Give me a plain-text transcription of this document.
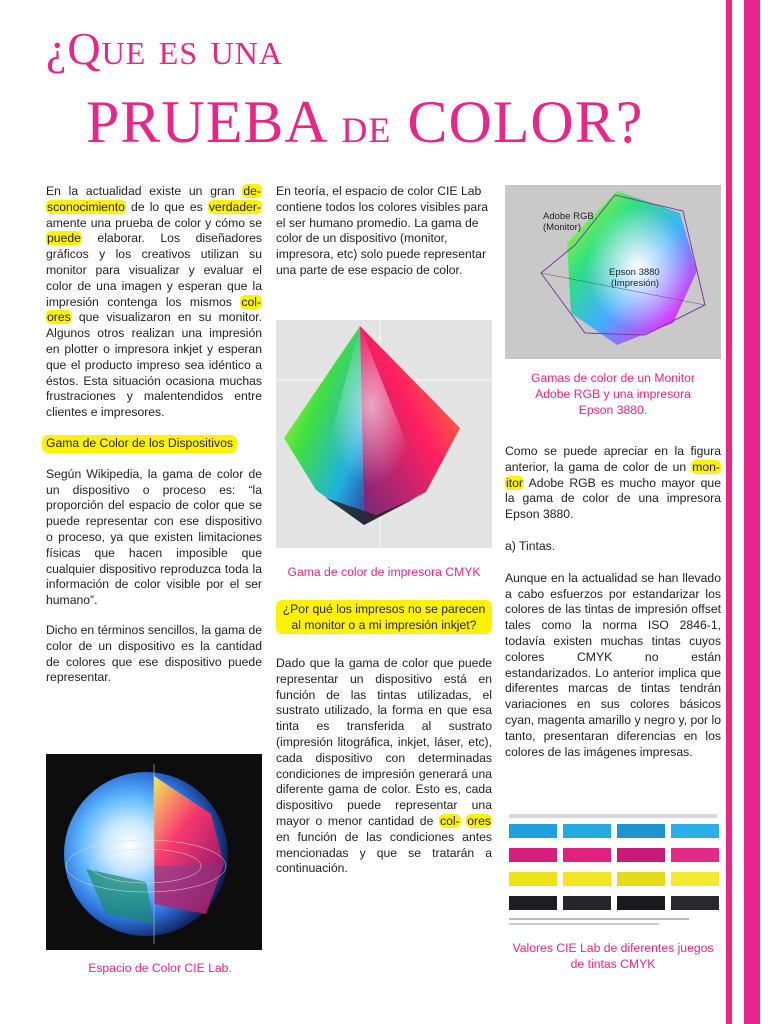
¿Que es una
PRUEBA de COLOR?

En la actualidad existe un gran de- sconocimiento de lo que es verdader- amente una prueba de color y cómo se puede elaborar. Los diseñadores gráficos y los creativos utilizan su monitor para visualizar y evaluar el color de una imagen y esperan que la impresión contenga los mismos col- ores que visualizaron en su monitor. Algunos otros realizan una impresión en plotter o impresora inkjet y esperan que el producto impreso sea idéntico a éstos. Esta situación ocasiona muchas frustraciones y malentendidos entre clientes e impresores.

Gama de Color de los Dispositivos

Según Wikipedia, la gama de color de un dispositivo o proceso es: “la proporción del espacio de color que se puede representar con ese dispositivo o proceso, ya que existen limitaciones físicas que hacen imposible que cualquier dispositivo reproduzca toda la información de color visible por el ser humano”.

Dicho en términos sencillos, la gama de color de un dispositivo es la cantidad de colores que ese dispositivo puede representar.

Espacio de Color CIE Lab.

En teoría, el espacio de color CIE Lab contiene todos los colores visibles para el ser humano promedio. La gama de color de un dispositivo (monitor, impresora, etc) solo puede representar una parte de ese espacio de color.

Gama de color de impresora CMYK
¿Por qué los impresos no se parecen al monitor o a mi impresión inkjet?

Dado que la gama de color que puede representar un dispositivo está en función de las tintas utilizadas, el sustrato utilizado, la forma en que esa tinta es transferida al sustrato (impresión litográfica, inkjet, láser, etc), cada dispositivo con determinadas condiciones de impresión generará una diferente gama de color. Esto es, cada dispositivo puede representar una mayor o menor cantidad de col- ores en función de las condiciones antes mencionadas y que se tratarán a continuación.

Adobe RGB
(Monitor)
Epson 3880
(Impresión)
Gamas de color de un Monitor Adobe RGB y una impresora Epson 3880.

Como se puede apreciar en la figura anterior, la gama de color de un mon- itor Adobe RGB es mucho mayor que la gama de color de una impresora Epson 3880.

a) Tintas.

Aunque en la actualidad se han llevado a cabo esfuerzos por estandarizar los colores de las tintas de impresión offset tales como la norma ISO 2846-1, todavía existen muchas tintas cuyos colores CMYK no están estandarizados. Lo anterior implica que diferentes marcas de tintas tendrán variaciones en sus colores básicos cyan, magenta amarillo y negro y, por lo tanto, presentaran diferencias en los colores de las imágenes impresas.

Valores CIE Lab de diferentes juegos de tintas CMYK
